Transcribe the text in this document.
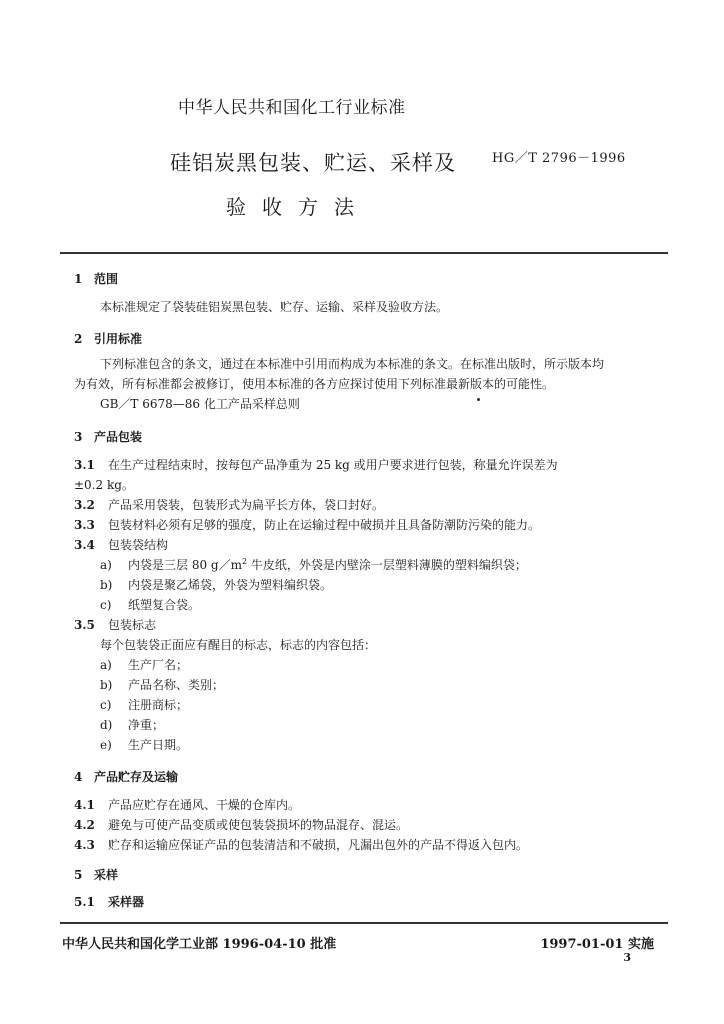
中华人民共和国化工行业标准
硅铝炭黑包装、贮运、采样及
验收方法
HG／T 2796－1996
1 范围
本标准规定了袋装硅铝炭黑包装、贮存、运输、采样及验收方法。
2 引用标准
下列标准包含的条文，通过在本标准中引用而构成为本标准的条文。在标准出版时，所示版本均
为有效，所有标准都会被修订，使用本标准的各方应探讨使用下列标准最新版本的可能性。
GB／T 6678—86 化工产品采样总则
3 产品包装
3.1 在生产过程结束时，按每包产品净重为 25 kg 或用户要求进行包装，称量允许误差为
±0.2 kg。
3.2 产品采用袋装，包装形式为扁平长方体，袋口封好。
3.3 包装材料必须有足够的强度，防止在运输过程中破损并且具备防潮防污染的能力。
3.4 包装袋结构
a) 内袋是三层 80 $g/m^2$ 牛皮纸，外袋是内壁涂一层塑料薄膜的塑料编织袋；
b) 内袋是聚乙烯袋，外袋为塑料编织袋。
c) 纸塑复合袋。
3.5 包装标志
每个包装袋正面应有醒目的标志，标志的内容包括：
a) 生产厂名；
b) 产品名称、类别；
c) 注册商标；
d) 净重；
e) 生产日期。
4 产品贮存及运输
4.1 产品应贮存在通风、干燥的仓库内。
4.2 避免与可使产品变质或使包装袋损坏的物品混存、混运。
4.3 贮存和运输应保证产品的包装清洁和不破损，凡漏出包外的产品不得返入包内。
5 采样
5.1 采样器
中华人民共和国化学工业部 1996-04-10 批准	1997-01-01 实施
3
